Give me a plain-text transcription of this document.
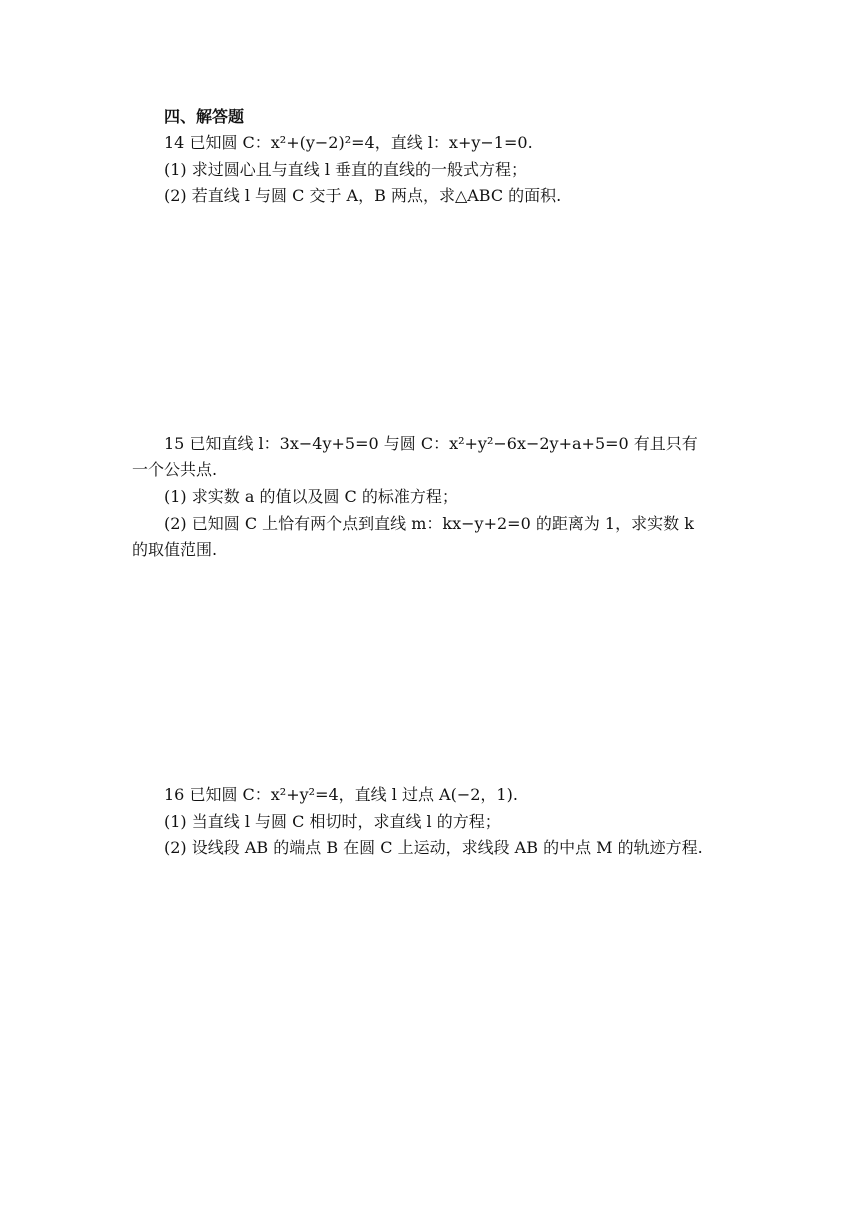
四、解答题
14 已知圆 C：x²+(y−2)²=4，直线 l：x+y−1=0.
(1) 求过圆心且与直线 l 垂直的直线的一般式方程；
(2) 若直线 l 与圆 C 交于 A，B 两点，求△ABC 的面积.
15 已知直线 l：3x−4y+5=0 与圆 C：x²+y²−6x−2y+a+5=0 有且只有
一个公共点.
(1) 求实数 a 的值以及圆 C 的标准方程；
(2) 已知圆 C 上恰有两个点到直线 m：kx−y+2=0 的距离为 1，求实数 k
的取值范围.
16 已知圆 C：x²+y²=4，直线 l 过点 A(−2，1).
(1) 当直线 l 与圆 C 相切时，求直线 l 的方程；
(2) 设线段 AB 的端点 B 在圆 C 上运动，求线段 AB 的中点 M 的轨迹方程.
